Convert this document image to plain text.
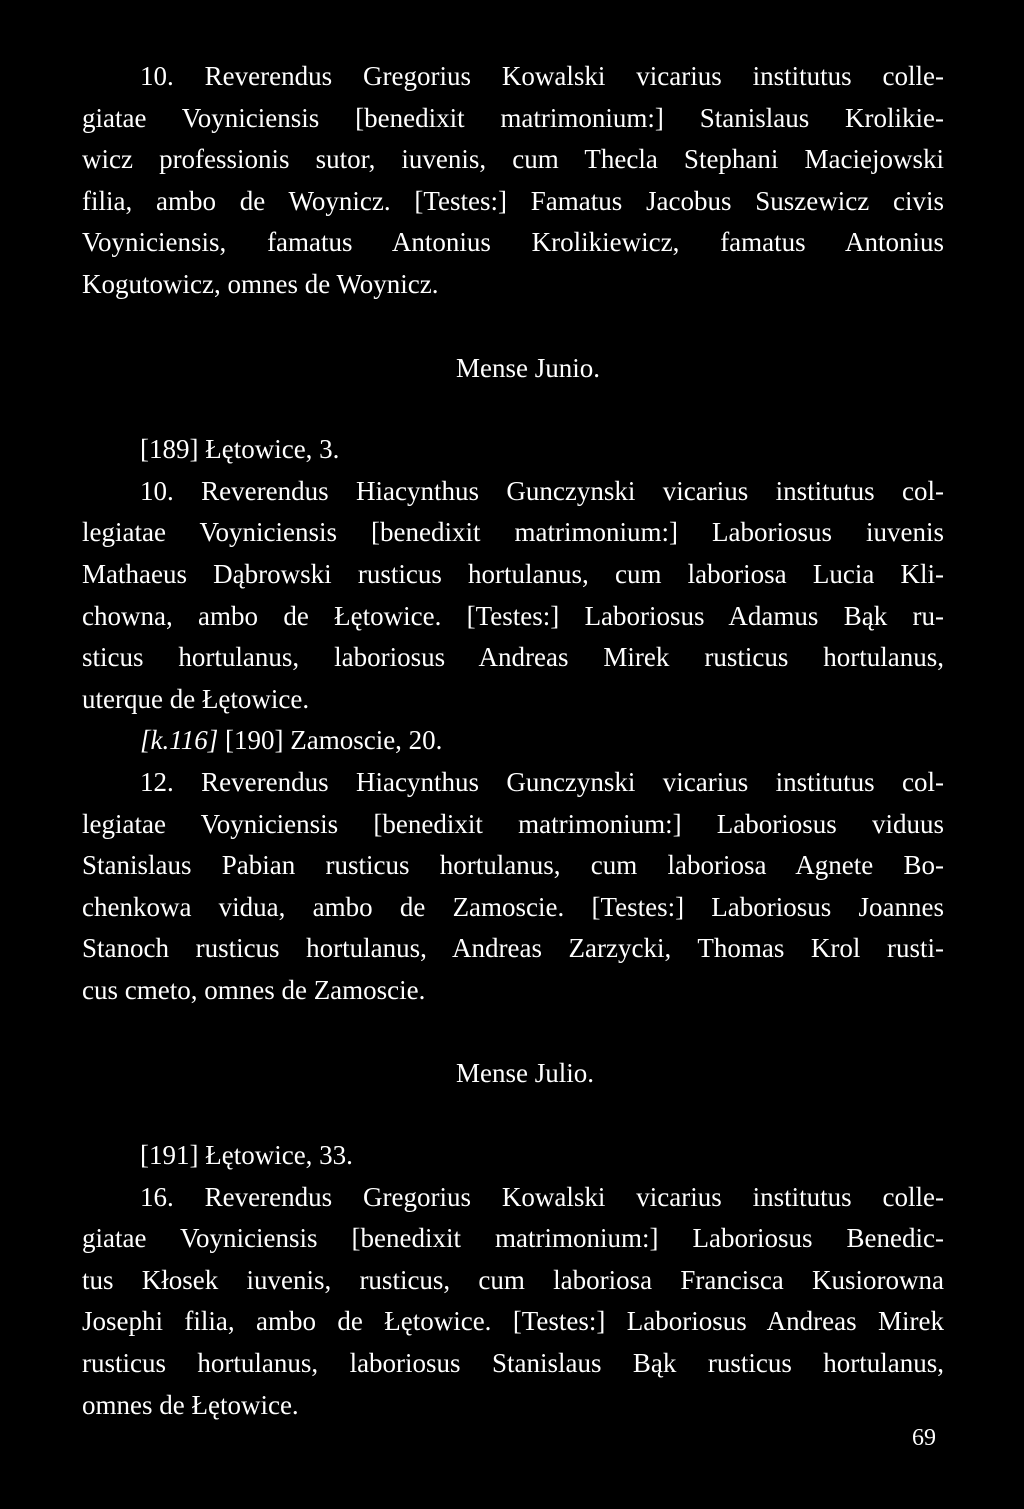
10. Reverendus Gregorius Kowalski vicarius institutus colle-
giatae Voyniciensis [benedixit matrimonium:] Stanislaus Krolikie-
wicz professionis sutor, iuvenis, cum Thecla Stephani Maciejowski
filia, ambo de Woynicz. [Testes:] Famatus Jacobus Suszewicz civis
Voyniciensis, famatus Antonius Krolikiewicz, famatus Antonius
Kogutowicz, omnes de Woynicz.
Mense Junio.
[189] Łętowice, 3.
10. Reverendus Hiacynthus Gunczynski vicarius institutus col-
legiatae Voyniciensis [benedixit matrimonium:] Laboriosus iuvenis
Mathaeus Dąbrowski rusticus hortulanus, cum laboriosa Lucia Kli-
chowna, ambo de Łętowice. [Testes:] Laboriosus Adamus Bąk ru-
sticus hortulanus, laboriosus Andreas Mirek rusticus hortulanus,
uterque de Łętowice.
[k.116] [190] Zamoscie, 20.
12. Reverendus Hiacynthus Gunczynski vicarius institutus col-
legiatae Voyniciensis [benedixit matrimonium:] Laboriosus viduus
Stanislaus Pabian rusticus hortulanus, cum laboriosa Agnete Bo-
chenkowa vidua, ambo de Zamoscie. [Testes:] Laboriosus Joannes
Stanoch rusticus hortulanus, Andreas Zarzycki, Thomas Krol rusti-
cus cmeto, omnes de Zamoscie.
Mense Julio.
[191] Łętowice, 33.
16. Reverendus Gregorius Kowalski vicarius institutus colle-
giatae Voyniciensis [benedixit matrimonium:] Laboriosus Benedic-
tus Kłosek iuvenis, rusticus, cum laboriosa Francisca Kusiorowna
Josephi filia, ambo de Łętowice. [Testes:] Laboriosus Andreas Mirek
rusticus hortulanus, laboriosus Stanislaus Bąk rusticus hortulanus,
omnes de Łętowice.
69
